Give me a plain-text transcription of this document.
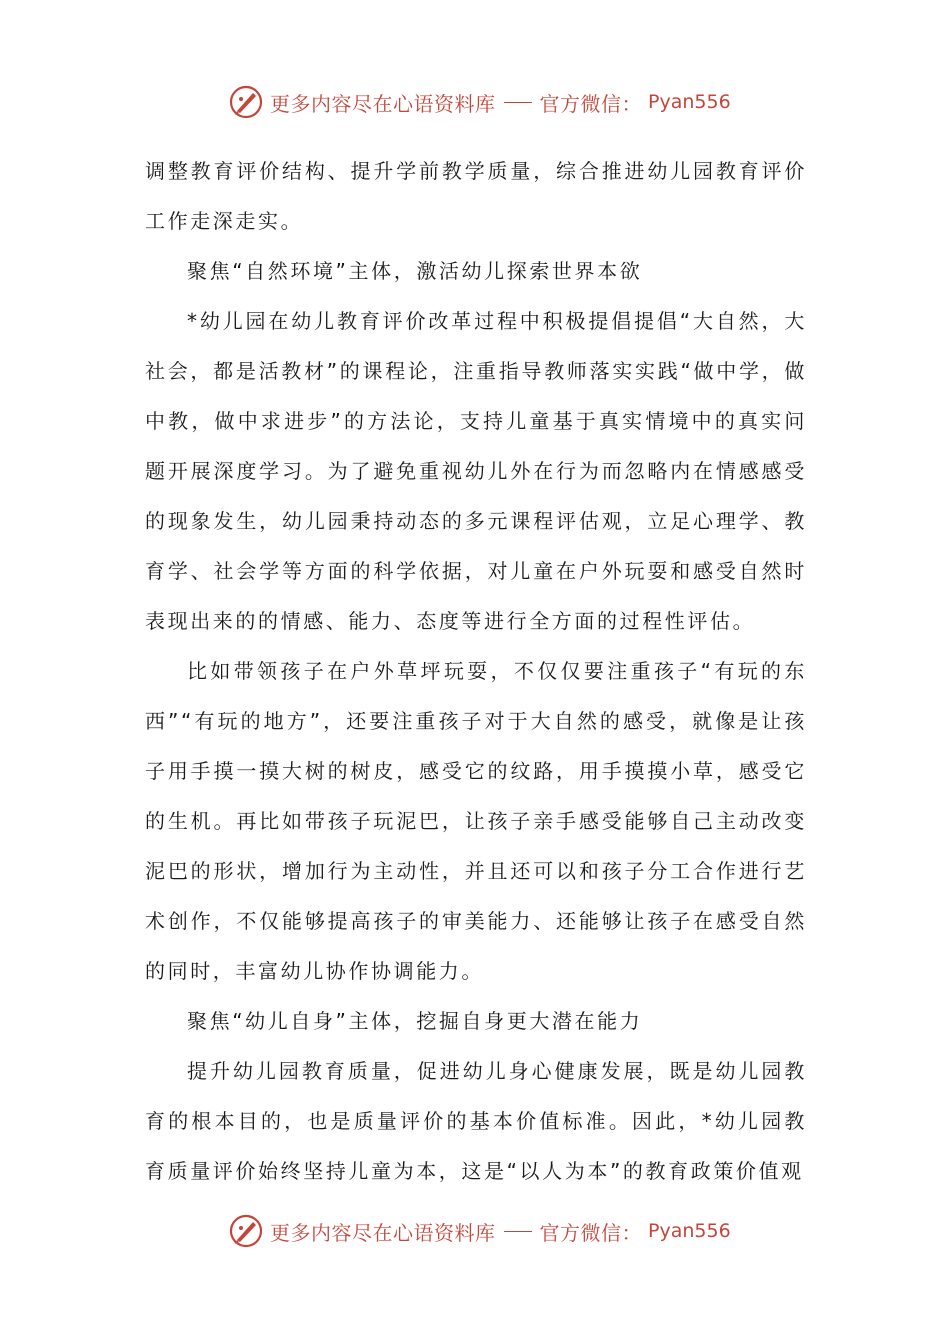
更多内容尽在心语资料库 官方微信： Pyan556

调整教育评价结构、提升学前教学质量，综合推进幼儿园教育评价工作走深走实。

聚焦“自然环境”主体，激活幼儿探索世界本欲

*幼儿园在幼儿教育评价改革过程中积极提倡提倡“大自然，大社会，都是活教材”的课程论，注重指导教师落实实践“做中学，做中教，做中求进步”的方法论，支持儿童基于真实情境中的真实问题开展深度学习。为了避免重视幼儿外在行为而忽略内在情感感受的现象发生，幼儿园秉持动态的多元课程评估观，立足心理学、教育学、社会学等方面的科学依据，对儿童在户外玩耍和感受自然时表现出来的的情感、能力、态度等进行全方面的过程性评估。

比如带领孩子在户外草坪玩耍，不仅仅要注重孩子“有玩的东西”“有玩的地方”，还要注重孩子对于大自然的感受，就像是让孩子用手摸一摸大树的树皮，感受它的纹路，用手摸摸小草，感受它的生机。再比如带孩子玩泥巴，让孩子亲手感受能够自己主动改变泥巴的形状，增加行为主动性，并且还可以和孩子分工合作进行艺术创作，不仅能够提高孩子的审美能力、还能够让孩子在感受自然的同时，丰富幼儿协作协调能力。

聚焦“幼儿自身”主体，挖掘自身更大潜在能力

提升幼儿园教育质量，促进幼儿身心健康发展，既是幼儿园教育的根本目的，也是质量评价的基本价值标准。因此，*幼儿园教育质量评价始终坚持儿童为本，这是“以人为本”的教育政策价值观

更多内容尽在心语资料库 官方微信： Pyan556
